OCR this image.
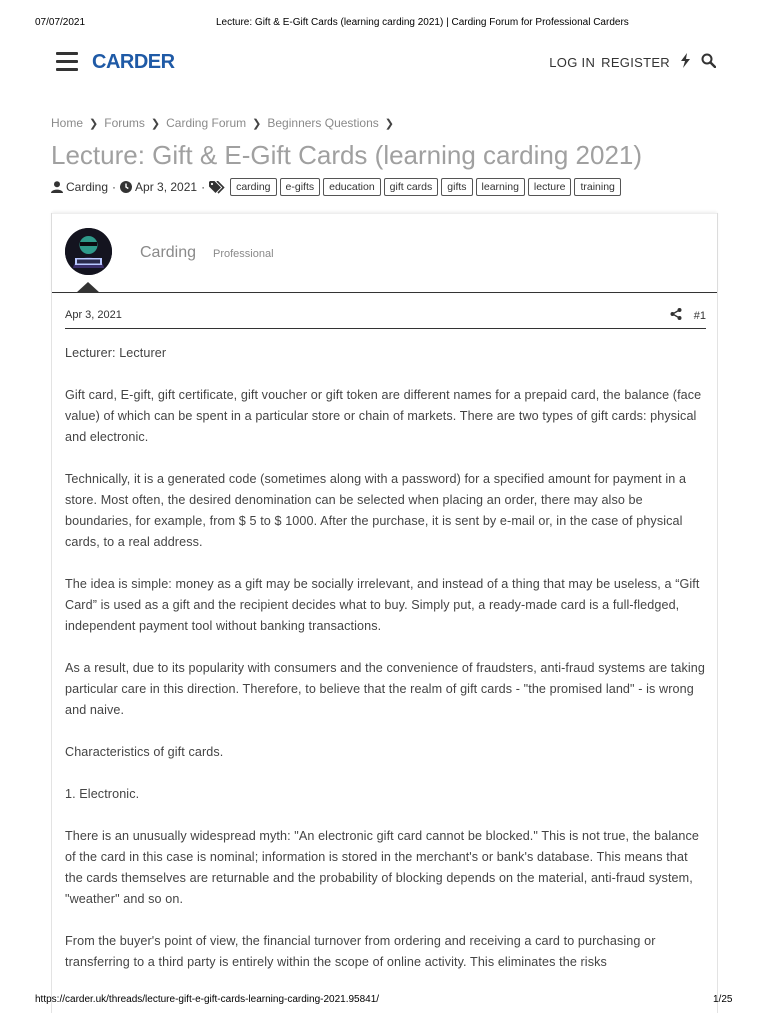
07/07/2021	Lecture: Gift & E-Gift Cards (learning carding 2021) | Carding Forum for Professional Carders
CARDER	LOG IN REGISTER
Home ❯ Forums ❯ Carding Forum ❯ Beginners Questions ❯
Lecture: Gift & E-Gift Cards (learning carding 2021)
Carding · Apr 3, 2021 ·	carding	e-gifts	education	gift cards	gifts	learning	lecture	training
Carding Professional
Apr 3, 2021	#1

Lecturer: Lecturer

Gift card, E-gift, gift certificate, gift voucher or gift token are different names for a prepaid card, the balance (face value) of which can be spent in a particular store or chain of markets. There are two types of gift cards: physical and electronic.

Technically, it is a generated code (sometimes along with a password) for a specified amount for payment in a store. Most often, the desired denomination can be selected when placing an order, there may also be boundaries, for example, from $ 5 to $ 1000. After the purchase, it is sent by e-mail or, in the case of physical cards, to a real address.

The idea is simple: money as a gift may be socially irrelevant, and instead of a thing that may be useless, a “Gift Card” is used as a gift and the recipient decides what to buy. Simply put, a ready-made card is a full-fledged, independent payment tool without banking transactions.

As a result, due to its popularity with consumers and the convenience of fraudsters, anti-fraud systems are taking particular care in this direction. Therefore, to believe that the realm of gift cards - "the promised land" - is wrong and naive.

Characteristics of gift cards.

1. Electronic.

There is an unusually widespread myth: "An electronic gift card cannot be blocked." This is not true, the balance of the card in this case is nominal; information is stored in the merchant's or bank's database. This means that the cards themselves are returnable and the probability of blocking depends on the material, anti-fraud system, "weather" and so on.

From the buyer's point of view, the financial turnover from ordering and receiving a card to purchasing or transferring to a third party is entirely within the scope of online activity. This eliminates the risks

https://carder.uk/threads/lecture-gift-e-gift-cards-learning-carding-2021.95841/	1/25
